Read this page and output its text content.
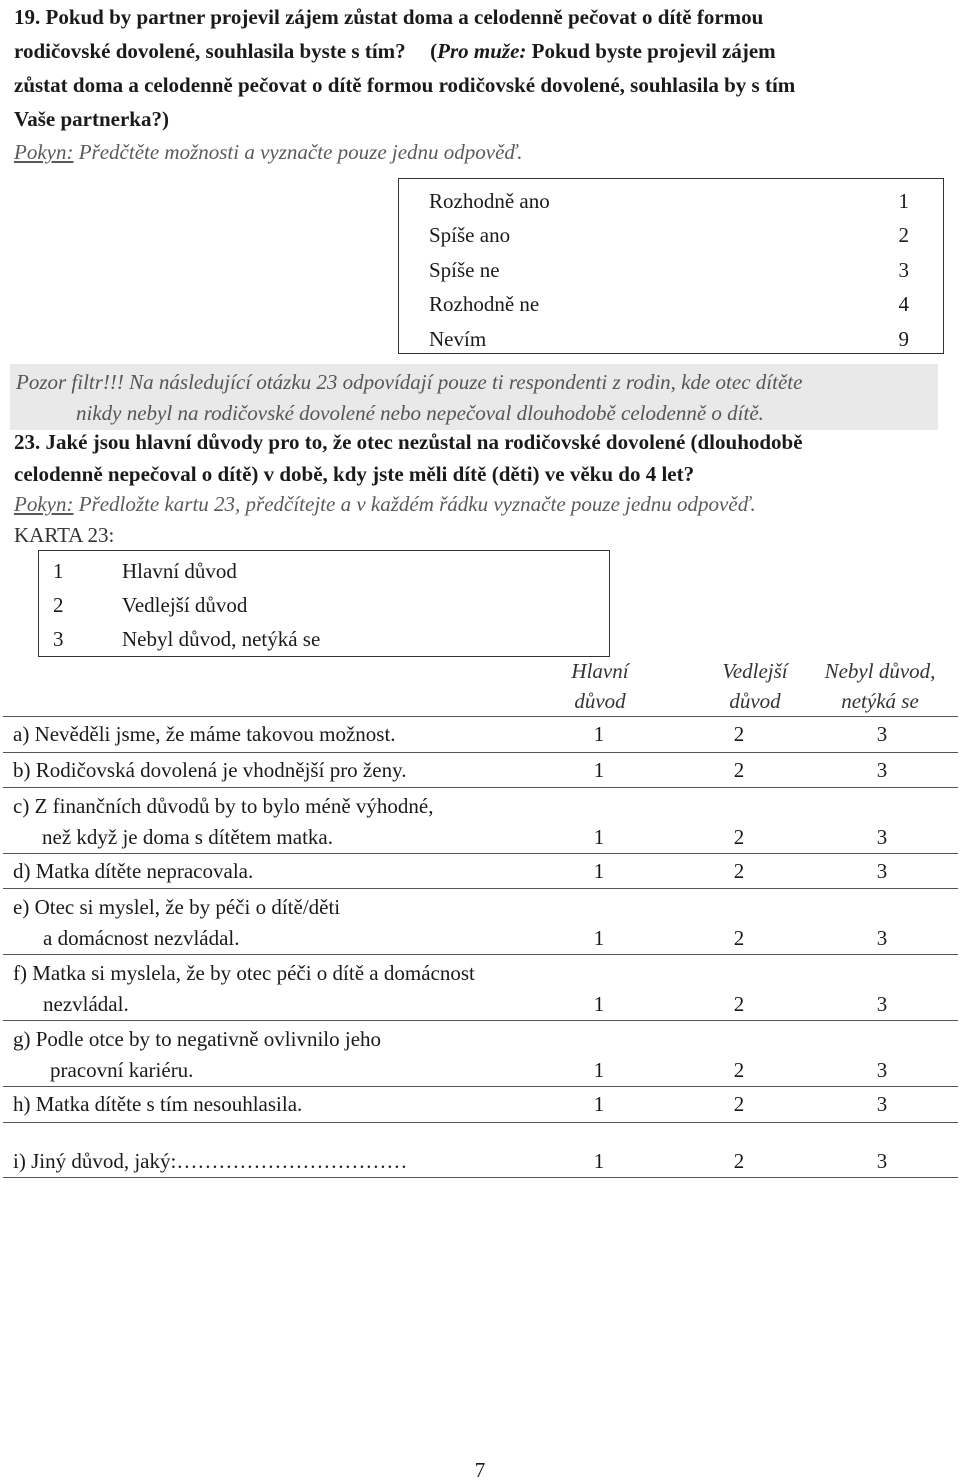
19. Pokud by partner projevil zájem zůstat doma a celodenně pečovat o dítě formou
rodičovské dovolené, souhlasila byste s tím? (Pro muže: Pokud byste projevil zájem
zůstat doma a celodenně pečovat o dítě formou rodičovské dovolené, souhlasila by s tím
Vaše partnerka?)
Pokyn: Předčtěte možnosti a vyznačte pouze jednu odpověď.
Rozhodně ano	1
Spíše ano	2
Spíše ne	3
Rozhodně ne	4
Nevím	9
Pozor filtr!!! Na následující otázku 23 odpovídají pouze ti respondenti z rodin, kde otec dítěte
nikdy nebyl na rodičovské dovolené nebo nepečoval dlouhodobě celodenně o dítě.
23. Jaké jsou hlavní důvody pro to, že otec nezůstal na rodičovské dovolené (dlouhodobě
celodenně nepečoval o dítě) v době, kdy jste měli dítě (děti) ve věku do 4 let?
Pokyn: Předložte kartu 23, předčítejte a v každém řádku vyznačte pouze jednu odpověď.
KARTA 23:
1	Hlavní důvod
2	Vedlejší důvod
3	Nebyl důvod, netýká se
Hlavní
důvod
Vedlejší
důvod
Nebyl důvod,
netýká se
a) Nevěděli jsme, že máme takovou možnost.	1	2	3
b) Rodičovská dovolená je vhodnější pro ženy.	1	2	3
c) Z finančních důvodů by to bylo méně výhodné,
než když je doma s dítětem matka.	1	2	3
d) Matka dítěte nepracovala.	1	2	3
e) Otec si myslel, že by péči o dítě/děti
a domácnost nezvládal.	1	2	3
f) Matka si myslela, že by otec péči o dítě a domácnost
nezvládal.	1	2	3
g) Podle otce by to negativně ovlivnilo jeho
pracovní kariéru.	1	2	3
h) Matka dítěte s tím nesouhlasila.	1	2	3
i) Jiný důvod, jaký:……………………………	1	2	3
7
